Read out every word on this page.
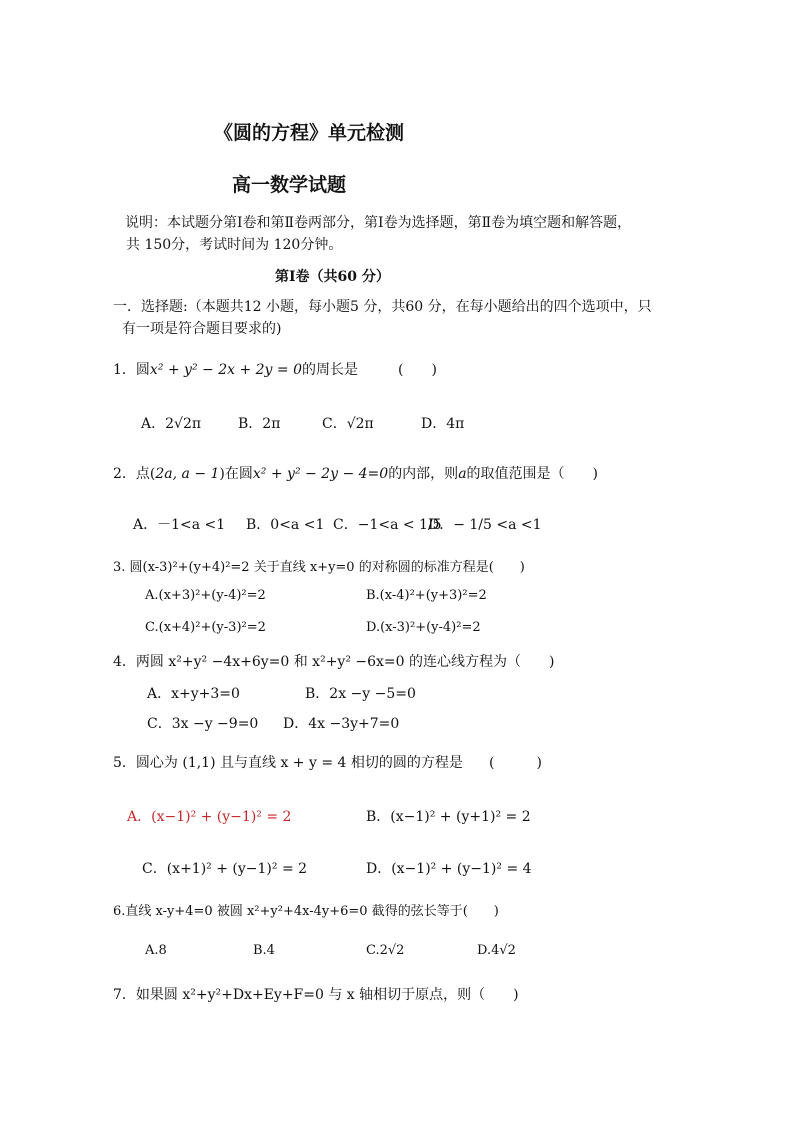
《圆的方程》单元检测
高一数学试题
说明：本试题分第Ⅰ卷和第Ⅱ卷两部分，第Ⅰ卷为选择题，第Ⅱ卷为填空题和解答题，
共 150分，考试时间为 120分钟。
第Ⅰ卷（共60 分）
一．选择题:（本题共12 小题，每小题5 分，共60 分，在每小题给出的四个选项中，只
有一项是符合题目要求的)
1．圆x² + y² − 2x + 2y = 0的周长是	(　　)
A．2√2π	B．2π	C．√2π	D．4π
2．点(2a, a − 1)在圆x² + y² − 2y − 4=0的内部，则a的取值范围是（　　)
A．－1<a <1 B．0<a <1 C．−1<a < 1/5
D．− 1/5 <a <1
3. 圆(x-3)²+(y+4)²=2 关于直线 x+y=0 的对称圆的标准方程是(　　)
A.(x+3)²+(y-4)²=2	B.(x-4)²+(y+3)²=2
C.(x+4)²+(y-3)²=2	D.(x-3)²+(y-4)²=2
4．两圆 x²+y² −4x+6y=0 和 x²+y² −6x=0 的连心线方程为（　　)
A．x+y+3=0	B．2x −y −5=0
C．3x −y −9=0 D．4x −3y+7=0
5．圆心为 (1,1) 且与直线 x + y = 4 相切的圆的方程是 (　　　)
A．(x−1)² + (y−1)² = 2	B．(x−1)² + (y+1)² = 2
C．(x+1)² + (y−1)² = 2	D．(x−1)² + (y−1)² = 4
6.直线 x-y+4=0 被圆 x²+y²+4x-4y+6=0 截得的弦长等于(　　)
A.8	B.4	C.2√2	D.4√2
7．如果圆 x²+y²+Dx+Ey+F=0 与 x 轴相切于原点，则（　　)
